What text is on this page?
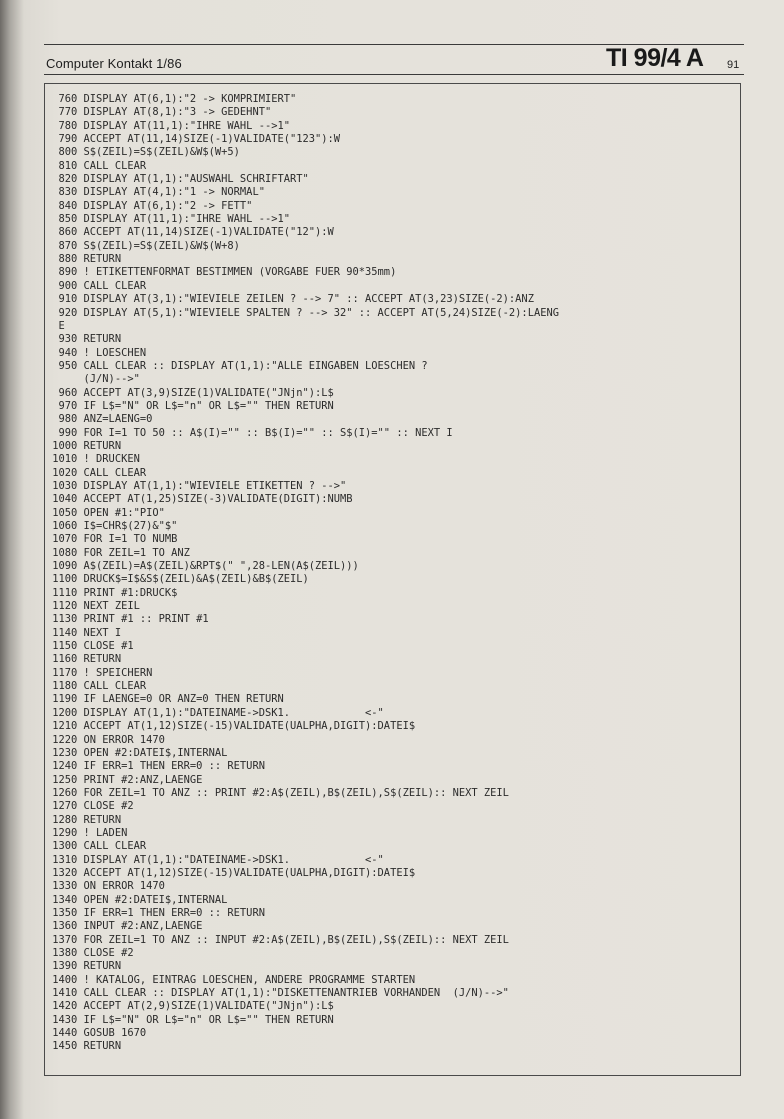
Computer Kontakt 1/86	TI 99/4 A 91
760 DISPLAY AT(6,1):"2 -> KOMPRIMIERT"
770 DISPLAY AT(8,1):"3 -> GEDEHNT"
780 DISPLAY AT(11,1):"IHRE WAHL -->1"
790 ACCEPT AT(11,14)SIZE(-1)VALIDATE("123"):W
800 S$(ZEIL)=S$(ZEIL)&W$(W+5)
810 CALL CLEAR
820 DISPLAY AT(1,1):"AUSWAHL SCHRIFTART"
830 DISPLAY AT(4,1):"1 -> NORMAL"
840 DISPLAY AT(6,1):"2 -> FETT"
850 DISPLAY AT(11,1):"IHRE WAHL -->1"
860 ACCEPT AT(11,14)SIZE(-1)VALIDATE("12"):W
870 S$(ZEIL)=S$(ZEIL)&W$(W+8)
880 RETURN
890 ! ETIKETTENFORMAT BESTIMMEN (VORGABE FUER 90*35mm)
900 CALL CLEAR
910 DISPLAY AT(3,1):"WIEVIELE ZEILEN ? --> 7" :: ACCEPT AT(3,23)SIZE(-2):ANZ
920 DISPLAY AT(5,1):"WIEVIELE SPALTEN ? --> 32" :: ACCEPT AT(5,24)SIZE(-2):LAENG
E
930 RETURN
940 ! LOESCHEN
950 CALL CLEAR :: DISPLAY AT(1,1):"ALLE EINGABEN LOESCHEN ?
(J/N)-->"
960 ACCEPT AT(3,9)SIZE(1)VALIDATE("JNjn"):L$
970 IF L$="N" OR L$="n" OR L$="" THEN RETURN
980 ANZ=LAENG=0
990 FOR I=1 TO 50 :: A$(I)="" :: B$(I)="" :: S$(I)="" :: NEXT I
1000 RETURN
1010 ! DRUCKEN
1020 CALL CLEAR
1030 DISPLAY AT(1,1):"WIEVIELE ETIKETTEN ? -->"
1040 ACCEPT AT(1,25)SIZE(-3)VALIDATE(DIGIT):NUMB
1050 OPEN #1:"PIO"
1060 I$=CHR$(27)&"$"
1070 FOR I=1 TO NUMB
1080 FOR ZEIL=1 TO ANZ
1090 A$(ZEIL)=A$(ZEIL)&RPT$(" ",28-LEN(A$(ZEIL)))
1100 DRUCK$=I$&S$(ZEIL)&A$(ZEIL)&B$(ZEIL)
1110 PRINT #1:DRUCK$
1120 NEXT ZEIL
1130 PRINT #1 :: PRINT #1
1140 NEXT I
1150 CLOSE #1
1160 RETURN
1170 ! SPEICHERN
1180 CALL CLEAR
1190 IF LAENGE=0 OR ANZ=0 THEN RETURN
1200 DISPLAY AT(1,1):"DATEINAME->DSK1.            <-"
1210 ACCEPT AT(1,12)SIZE(-15)VALIDATE(UALPHA,DIGIT):DATEI$
1220 ON ERROR 1470
1230 OPEN #2:DATEI$,INTERNAL
1240 IF ERR=1 THEN ERR=0 :: RETURN
1250 PRINT #2:ANZ,LAENGE
1260 FOR ZEIL=1 TO ANZ :: PRINT #2:A$(ZEIL),B$(ZEIL),S$(ZEIL):: NEXT ZEIL
1270 CLOSE #2
1280 RETURN
1290 ! LADEN
1300 CALL CLEAR
1310 DISPLAY AT(1,1):"DATEINAME->DSK1.            <-"
1320 ACCEPT AT(1,12)SIZE(-15)VALIDATE(UALPHA,DIGIT):DATEI$
1330 ON ERROR 1470
1340 OPEN #2:DATEI$,INTERNAL
1350 IF ERR=1 THEN ERR=0 :: RETURN
1360 INPUT #2:ANZ,LAENGE
1370 FOR ZEIL=1 TO ANZ :: INPUT #2:A$(ZEIL),B$(ZEIL),S$(ZEIL):: NEXT ZEIL
1380 CLOSE #2
1390 RETURN
1400 ! KATALOG, EINTRAG LOESCHEN, ANDERE PROGRAMME STARTEN
1410 CALL CLEAR :: DISPLAY AT(1,1):"DISKETTENANTRIEB VORHANDEN  (J/N)-->"
1420 ACCEPT AT(2,9)SIZE(1)VALIDATE("JNjn"):L$
1430 IF L$="N" OR L$="n" OR L$="" THEN RETURN
1440 GOSUB 1670
1450 RETURN
